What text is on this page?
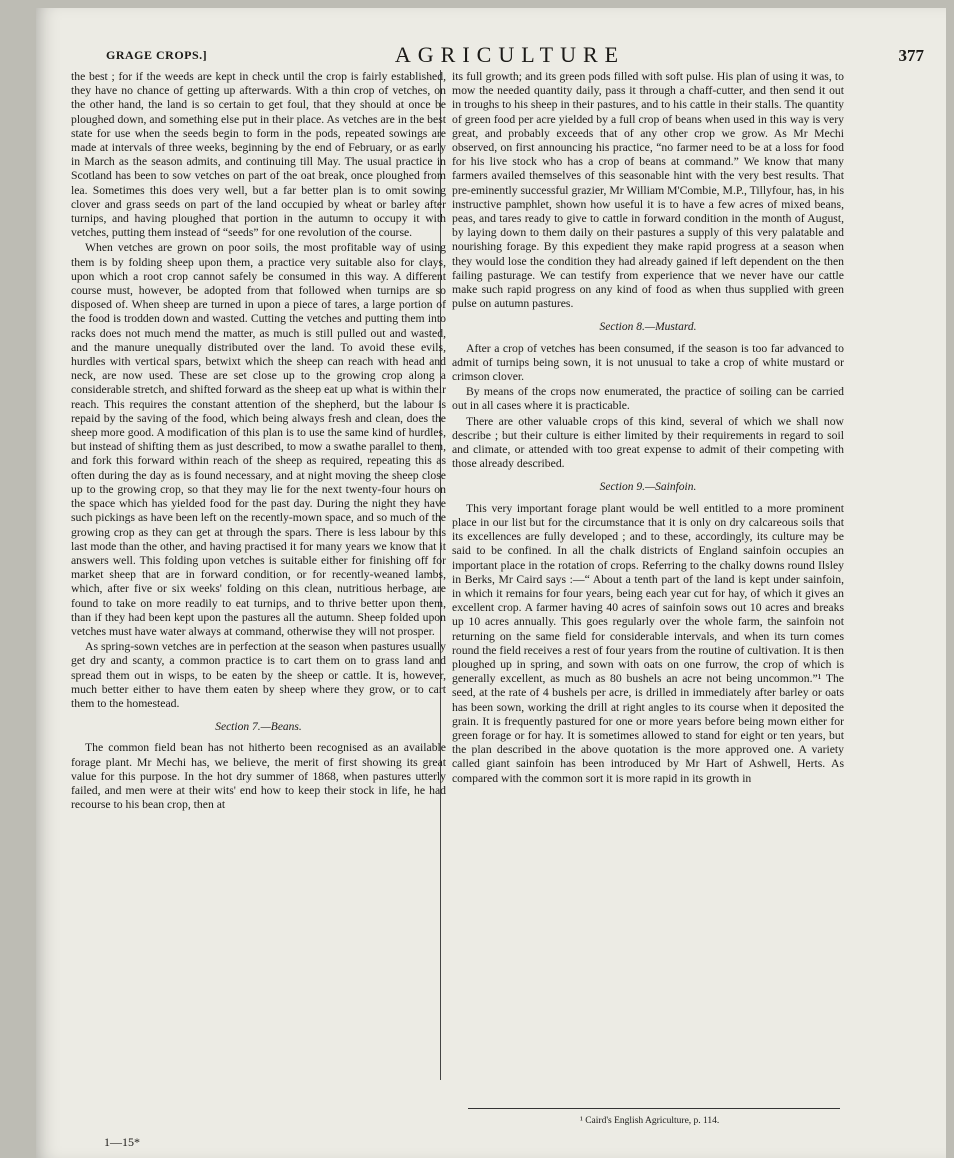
GRAGE CROPS.]	AGRICULTURE	377

the best ; for if the weeds are kept in check until the crop is fairly established, they have no chance of getting up afterwards. With a thin crop of vetches, on the other hand, the land is so certain to get foul, that they should at once be ploughed down, and something else put in their place. As vetches are in the best state for use when the seeds begin to form in the pods, repeated sowings are made at intervals of three weeks, beginning by the end of February, or as early in March as the season admits, and continuing till May. The usual practice in Scotland has been to sow vetches on part of the oat break, once ploughed from lea. Sometimes this does very well, but a far better plan is to omit sowing clover and grass seeds on part of the land occupied by wheat or barley after turnips, and having ploughed that portion in the autumn to occupy it with vetches, putting them instead of “seeds” for one revolution of the course.

When vetches are grown on poor soils, the most profitable way of using them is by folding sheep upon them, a practice very suitable also for clays, upon which a root crop cannot safely be consumed in this way. A different course must, however, be adopted from that followed when turnips are so disposed of. When sheep are turned in upon a piece of tares, a large portion of the food is trodden down and wasted. Cutting the vetches and putting them into racks does not much mend the matter, as much is still pulled out and wasted, and the manure unequally distributed over the land. To avoid these evils, hurdles with vertical spars, betwixt which the sheep can reach with head and neck, are now used. These are set close up to the growing crop along a considerable stretch, and shifted forward as the sheep eat up what is within their reach. This requires the constant attention of the shepherd, but the labour is repaid by the saving of the food, which being always fresh and clean, does the sheep more good. A modification of this plan is to use the same kind of hurdles, but instead of shifting them as just described, to mow a swathe parallel to them, and fork this forward within reach of the sheep as required, repeating this as often during the day as is found necessary, and at night moving the sheep close up to the growing crop, so that they may lie for the next twenty-four hours on the space which has yielded food for the past day. During the night they have such pickings as have been left on the recently-mown space, and so much of the growing crop as they can get at through the spars. There is less labour by this last mode than the other, and having practised it for many years we know that it answers well. This folding upon vetches is suitable either for finishing off for market sheep that are in forward condition, or for recently-weaned lambs, which, after five or six weeks' folding on this clean, nutritious herbage, are found to take on more readily to eat turnips, and to thrive better upon them, than if they had been kept upon the pastures all the autumn. Sheep folded upon vetches must have water always at command, otherwise they will not prosper.

As spring-sown vetches are in perfection at the season when pastures usually get dry and scanty, a common practice is to cart them on to grass land and spread them out in wisps, to be eaten by the sheep or cattle. It is, however, much better either to have them eaten by sheep where they grow, or to cart them to the homestead.

Section 7.—Beans.

The common field bean has not hitherto been recognised as an available forage plant. Mr Mechi has, we believe, the merit of first showing its great value for this purpose. In the hot dry summer of 1868, when pastures utterly failed, and men were at their wits' end how to keep their stock in life, he had recourse to his bean crop, then at

its full growth; and its green pods filled with soft pulse. His plan of using it was, to mow the needed quantity daily, pass it through a chaff-cutter, and then send it out in troughs to his sheep in their pastures, and to his cattle in their stalls. The quantity of green food per acre yielded by a full crop of beans when used in this way is very great, and probably exceeds that of any other crop we grow. As Mr Mechi observed, on first announcing his practice, “no farmer need to be at a loss for food for his live stock who has a crop of beans at command.” We know that many farmers availed themselves of this seasonable hint with the very best results. That pre-eminently successful grazier, Mr William M'Combie, M.P., Tillyfour, has, in his instructive pamphlet, shown how useful it is to have a few acres of mixed beans, peas, and tares ready to give to cattle in forward condition in the month of August, by laying down to them daily on their pastures a supply of this very palatable and nourishing forage. By this expedient they make rapid progress at a season when they would lose the condition they had already gained if left dependent on the then failing pasturage. We can testify from experience that we never have our cattle make such rapid progress on any kind of food as when thus supplied with green pulse on autumn pastures.

Section 8.—Mustard.

After a crop of vetches has been consumed, if the season is too far advanced to admit of turnips being sown, it is not unusual to take a crop of white mustard or crimson clover.

By means of the crops now enumerated, the practice of soiling can be carried out in all cases where it is practicable.

There are other valuable crops of this kind, several of which we shall now describe ; but their culture is either limited by their requirements in regard to soil and climate, or attended with too great expense to admit of their competing with those already described.

Section 9.—Sainfoin.

This very important forage plant would be well entitled to a more prominent place in our list but for the circumstance that it is only on dry calcareous soils that its excellences are fully developed ; and to these, accordingly, its culture may be said to be confined. In all the chalk districts of England sainfoin occupies an important place in the rotation of crops. Referring to the chalky downs round Ilsley in Berks, Mr Caird says :—“ About a tenth part of the land is kept under sainfoin, in which it remains for four years, being each year cut for hay, of which it gives an excellent crop. A farmer having 40 acres of sainfoin sows out 10 acres and breaks up 10 acres annually. This goes regularly over the whole farm, the sainfoin not returning on the same field for considerable intervals, and when its turn comes round the field receives a rest of four years from the routine of cultivation. It is then ploughed up in spring, and sown with oats on one furrow, the crop of which is generally excellent, as much as 80 bushels an acre not being uncommon.”¹ The seed, at the rate of 4 bushels per acre, is drilled in immediately after barley or oats has been sown, working the drill at right angles to its course when it deposited the grain. It is frequently pastured for one or more years before being mown either for green forage or for hay. It is sometimes allowed to stand for eight or ten years, but the plan described in the above quotation is the more approved one. A variety called giant sainfoin has been introduced by Mr Hart of Ashwell, Herts. As compared with the common sort it is more rapid in its growth in

¹ Caird's English Agriculture, p. 114.
1—15*
